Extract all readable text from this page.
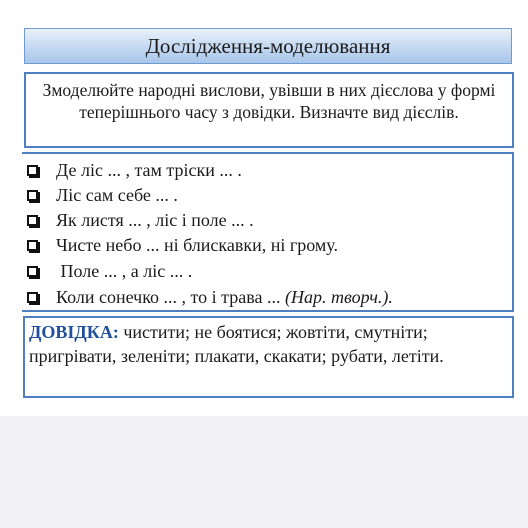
Дослідження-моделювання
Змоделюйте народні вислови, увівши в них дієслова у формі теперішнього часу з довідки. Визначте вид дієслів.
Де ліс ... , там тріски ... .
Ліс сам себе ... .
Як листя ... , ліс і поле ... .
Чисте небо ... ні блискавки, ні грому.
Поле ... , а ліс ... .
Коли сонечко ... , то і трава ... (Нар. творч.).
ДОВІДКА: чистити; не боятися; жовтіти, смутніти; пригрівати, зеленіти; плакати, скакати; рубати, летіти.
